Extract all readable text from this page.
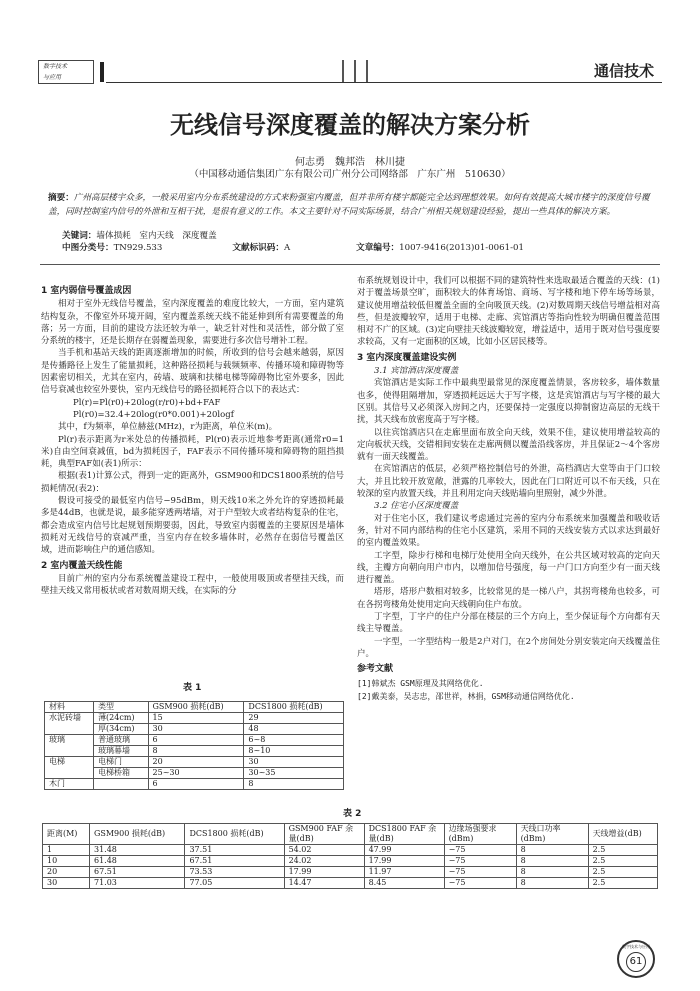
数字技术
与应用	通信技术
无线信号深度覆盖的解决方案分析
何志勇　魏邦浩　林川捷
（中国移动通信集团广东有限公司广州分公司网络部　广东广州　510630）
摘要：广州高层楼宇众多，一般采用室内分布系统建设的方式来粉强室内覆盖，但并非所有楼宇都能完全达到理想效果。如何有效提高大城市楼宇的深度信号覆盖，同时控制室内信号的外泄和互相干扰，是很有意义的工作。本文主要针对不同实际场景，结合广州相关规划建设经验，提出一些具体的解决方案。
关键词：墙体损耗　室内天线　深度覆盖
中图分类号：TN929.533	文献标识码：A	文章编号：1007-9416(2013)01-0061-01

1 室内弱信号覆盖成因

相对于室外无线信号覆盖，室内深度覆盖的难度比较大，一方面，室内建筑结构复杂，不像室外环境开阔，室内覆盖系统天线不能延伸到所有需要覆盖的角落；另一方面，目前的建设方法还较为单一，缺乏针对性和灵活性，部分做了室分系统的楼宇，还是长期存在弱覆盖现象，需要进行多次信号增补工程。

当手机和基站天线的距离逐渐增加的时候，所收到的信号会越来越弱，原因是传播路径上发生了能量损耗，这种路径损耗与载频频率、传播环境和障碍物等因素密切相关，尤其在室内，砖墙、玻璃和扶梯电梯等障碍物比室外要多，因此信号衰减也较室外要快，室内无线信号的路径损耗符合以下的表达式：

Pl(r)=Pl(r0)+20log(r/r0)+bd+FAF

Pl(r0)=32.4+20log(r0*0.001)+20logf

其中，f为频率，单位赫兹(MHz)，r为距离，单位米(m)。

Pl(r)表示距离为r米处总的传播损耗，Pl(r0)表示近地参考距离(通常r0=1米)自由空间衰减值，bd为损耗因子，FAF表示不同传播环境和障碍物的阻挡损耗，典型FAF如(表1)所示：

根据(表1)计算公式，得到一定的距离外，GSM900和DCS1800系统的信号损耗情况(表2)：

假设可接受的最低室内信号−95dBm，则天线10米之外允许的穿透损耗最多是44dB，也就是说，最多能穿透两堵墙，对于户型较大或者结构复杂的住宅，都会造成室内信号比起规划预期要弱，因此，导致室内弱覆盖的主要原因是墙体损耗对无线信号的衰减严重，当室内存在较多墙体时，必然存在弱信号覆盖区域，进而影响住户的通信感知。

2 室内覆盖天线性能

目前广州的室内分布系统覆盖建设工程中，一般使用吸顶或者壁挂天线，而壁挂天线又常用板状或者对数周期天线，在实际的分

表 1
材料	类型	GSM900 损耗(dB)	DCS1800 损耗(dB)
水泥砖墙	薄(24cm)	15	29
	厚(34cm)	30	48
玻璃	普通玻璃	6	6~8
	玻璃幕墙	8	8~10
电梯	电梯门	20	30
	电梯桥箱	25~30	30~35
木门		6	8

布系统规划设计中，我们可以根据不同的建筑特性来选取最适合覆盖的天线：(1)对于覆盖场景空旷，面积较大的体育场馆、商场、写字楼和地下停车场等场景，建议使用增益较低但覆盖全面的全向吸顶天线。(2)对数周期天线信号增益相对高些，但是波瓣较窄，适用于电梯、走廊、宾馆酒店等指向性较为明确但覆盖范围相对不广的区域。(3)定向壁挂天线波瓣较宽，增益适中，适用于既对信号强度要求较高，又有一定面积的区域，比如小区居民楼等。

3 室内深度覆盖建设实例

3.1 宾馆酒店深度覆盖

宾馆酒店是实际工作中最典型最常见的深度覆盖情景，客房较多，墙体数量也多，使得阻隔增加，穿透损耗远远大于写字楼，这是宾馆酒店与写字楼的最大区别。其信号又必须深入房间之内，还要保持一定强度以抑制窗边高层的无线干扰，其天线布放密度高于写字楼。

以往宾馆酒店只在走廊里面布放全向天线，效果不佳，建议使用增益较高的定向板状天线，交错相间安装在走廊两侧以覆盖沿线客房，并且保证2～4个客房就有一面天线覆盖。

在宾馆酒店的低层，必须严格控制信号的外泄，高档酒店大堂等由于门口较大，并且比较开放宽敞，泄露的几率较大，因此在门口附近可以不布天线，只在较深的室内放置天线，并且利用定向天线贴墙向里照射，减少外泄。

3.2 住宅小区深度覆盖

对于住宅小区，我们建议考虑通过完善的室内分布系统来加强覆盖和吸收话务，针对不同内部结构的住宅小区建筑，采用不同的天线安装方式以求达到最好的室内覆盖效果。

工字型，除步行梯和电梯厅处使用全向天线外，在公共区域对较高的定向天线，主瓣方向朝向用户市内，以增加信号强度，每一户门口方向至少有一面天线进行覆盖。

塔形，塔形户数相对较多，比较常见的是一梯八户，其拐弯楼角也较多，可在各拐弯楼角处使用定向天线朝向住户布放。

丁字型，丁字户的住户分部在楼层的三个方向上，至少保证每个方向都有天线主导覆盖。

一字型，一字型结构一般是2户对门，在2个房间处分别安装定向天线覆盖住户。

参考文献

[1]韩斌杰 GSM原理及其网络优化.

[2]戴美泰，吴志忠，邵世祥，林捐，GSM移动通信网络优化.

表 2
距离(M)	GSM900 损耗(dB)	DCS1800 损耗(dB)	GSM900 FAF 余量(dB)	DCS1800 FAF 余量(dB)	边缘场强要求(dBm)	天线口功率(dBm)	天线增益(dB)
1	31.48	37.51	54.02	47.99	−75	8	2.5
10	61.48	67.51	24.02	17.99	−75	8	2.5
20	67.51	73.53	17.99	11.97	−75	8	2.5
30	71.03	77.05	14.47	8.45	−75	8	2.5
数字技术与应用
61
